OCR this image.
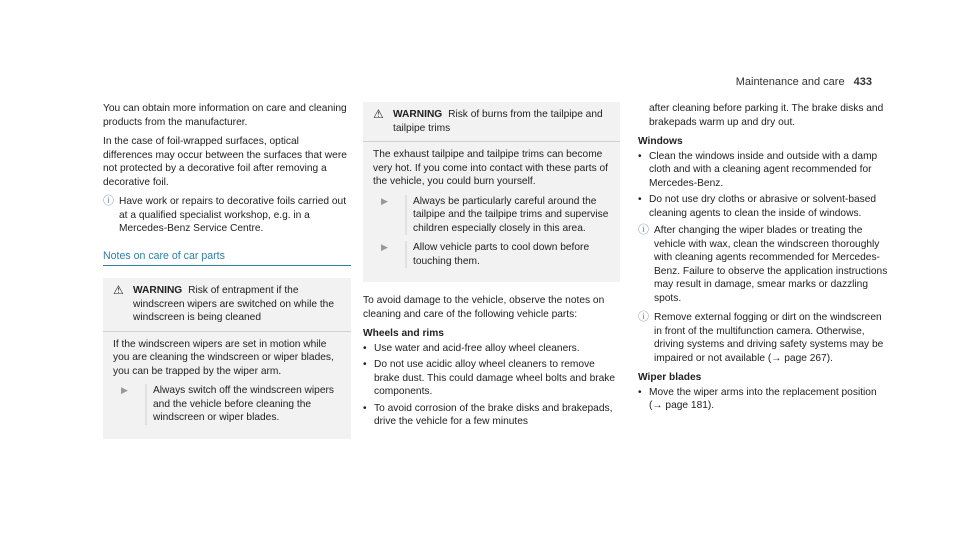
Maintenance and care 433

You can obtain more information on care and cleaning products from the manufacturer.

In the case of foil-wrapped surfaces, optical differences may occur between the surfaces that were not protected by a decorative foil after removing a decorative foil.

ⓘ Have work or repairs to decorative foils carried out at a qualified specialist workshop, e.g. in a Mercedes-Benz Service Centre.
Notes on care of car parts
⚠ WARNING Risk of entrapment if the windscreen wipers are switched on while the windscreen is being cleaned

If the windscreen wipers are set in motion while you are cleaning the windscreen or wiper blades, you can be trapped by the wiper arm.

▶	Always switch off the windscreen wipers and the vehicle before cleaning the windscreen or wiper blades.
⚠ WARNING Risk of burns from the tailpipe and tailpipe trims

The exhaust tailpipe and tailpipe trims can become very hot. If you come into contact with these parts of the vehicle, you could burn yourself.

▶	Always be particularly careful around the tailpipe and the tailpipe trims and supervise children especially closely in this area.
▶	Allow vehicle parts to cool down before touching them.

To avoid damage to the vehicle, observe the notes on cleaning and care of the following vehicle parts:

Wheels and rims
• Use water and acid-free alloy wheel cleaners.
• Do not use acidic alloy wheel cleaners to remove brake dust. This could damage wheel bolts and brake components.
• To avoid corrosion of the brake disks and brakepads, drive the vehicle for a few minutes

after cleaning before parking it. The brake disks and brakepads warm up and dry out.

Windows
• Clean the windows inside and outside with a damp cloth and with a cleaning agent recommended for Mercedes-Benz.
• Do not use dry cloths or abrasive or solvent-based cleaning agents to clean the inside of windows.
ⓘ After changing the wiper blades or treating the vehicle with wax, clean the windscreen thoroughly with cleaning agents recommended for Mercedes-Benz. Failure to observe the application instructions may result in damage, smear marks or dazzling spots.
ⓘ Remove external fogging or dirt on the windscreen in front of the multifunction camera. Otherwise, driving systems and driving safety systems may be impaired or not available (→ page 267).
Wiper blades
• Move the wiper arms into the replacement position (→ page 181).
